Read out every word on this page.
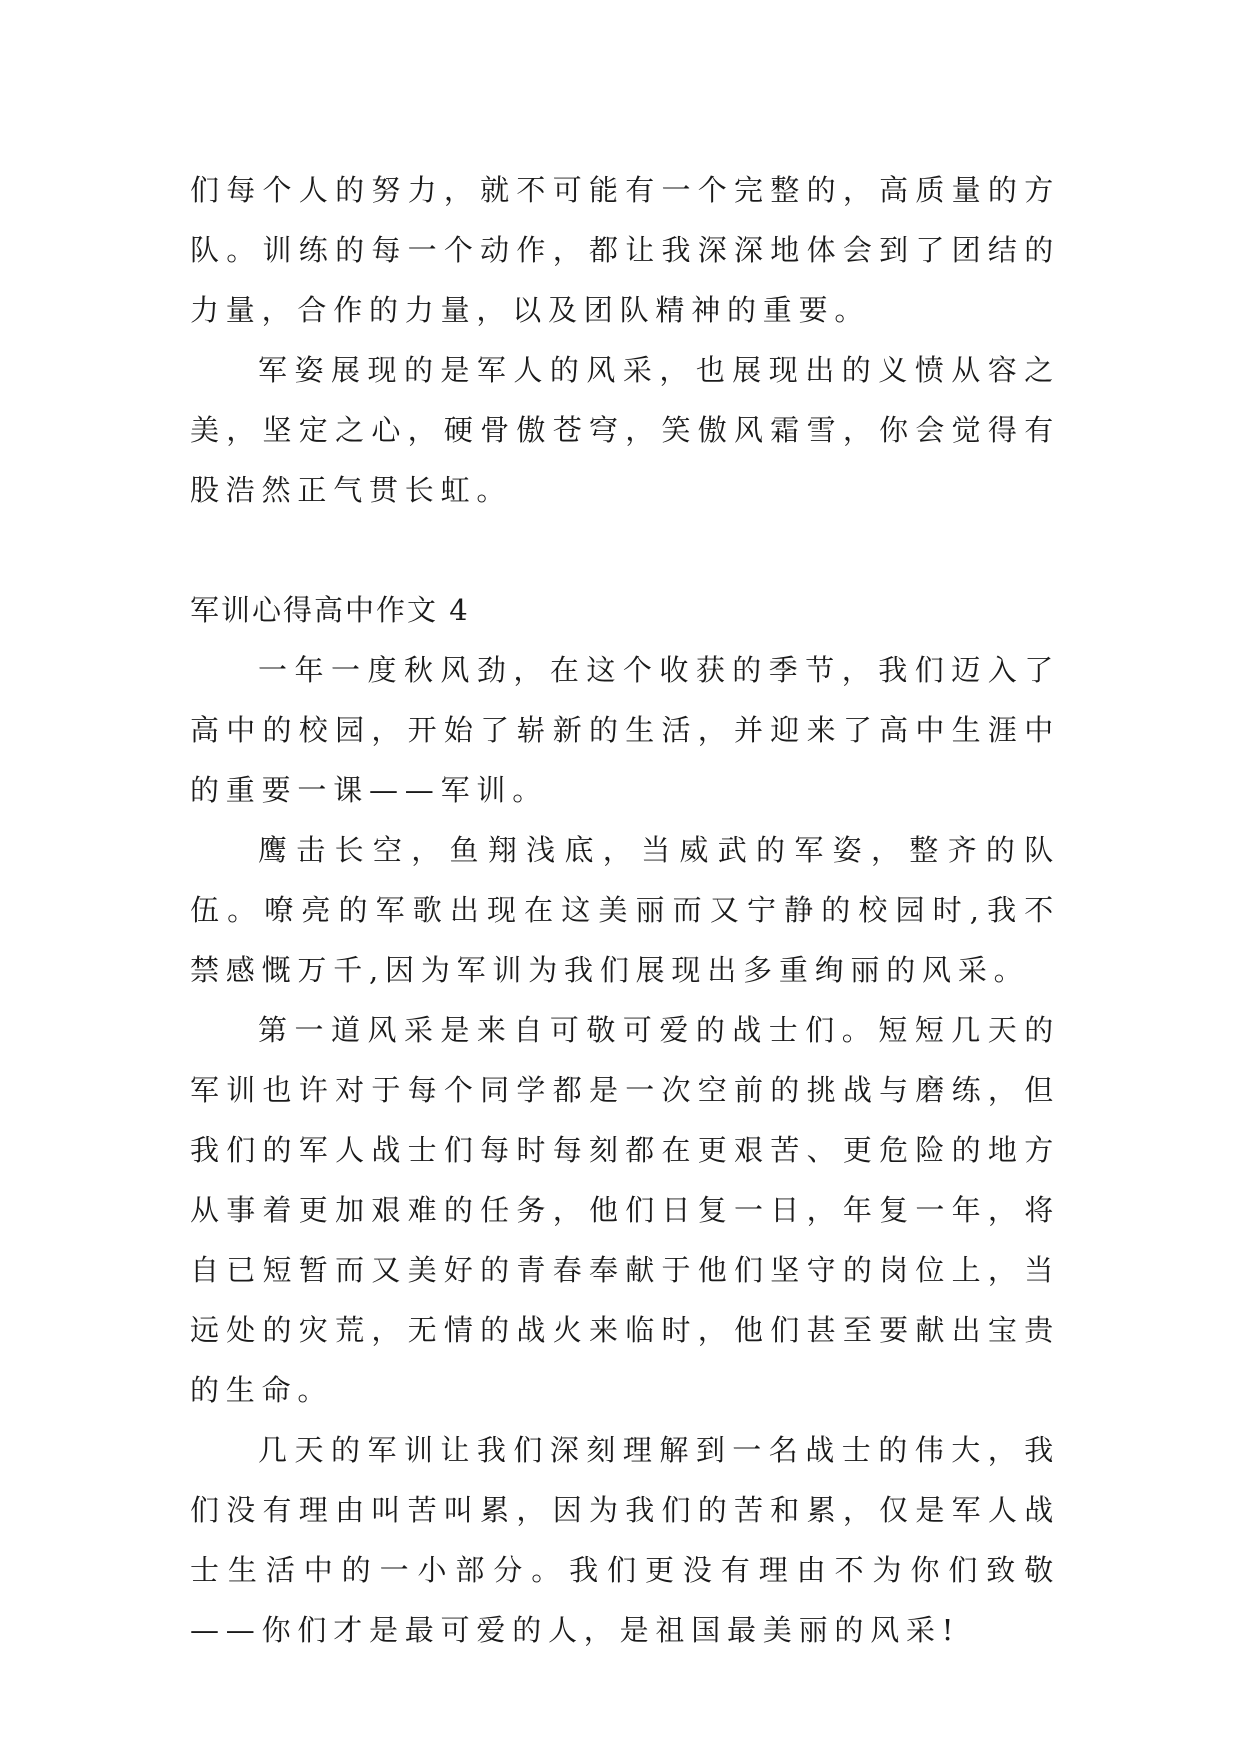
们每个人的努力，就不可能有一个完整的，高质量的方队。训练的每一个动作，都让我深深地体会到了团结的力量，合作的力量，以及团队精神的重要。

军姿展现的是军人的风采，也展现出的义愤从容之美，坚定之心，硬骨傲苍穹，笑傲风霜雪，你会觉得有股浩然正气贯长虹。

军训心得高中作文 4

一年一度秋风劲，在这个收获的季节，我们迈入了高中的校园，开始了崭新的生活，并迎来了高中生涯中的重要一课——军训。

鹰击长空，鱼翔浅底，当威武的军姿，整齐的队伍。嘹亮的军歌出现在这美丽而又宁静的校园时,我不禁感慨万千,因为军训为我们展现出多重绚丽的风采。

第一道风采是来自可敬可爱的战士们。短短几天的军训也许对于每个同学都是一次空前的挑战与磨练，但我们的军人战士们每时每刻都在更艰苦、更危险的地方从事着更加艰难的任务，他们日复一日，年复一年，将自已短暂而又美好的青春奉献于他们坚守的岗位上，当远处的灾荒，无情的战火来临时，他们甚至要献出宝贵的生命。

几天的军训让我们深刻理解到一名战士的伟大，我们没有理由叫苦叫累，因为我们的苦和累，仅是军人战士生活中的一小部分。我们更没有理由不为你们致敬——你们才是最可爱的人，是祖国最美丽的风采!
